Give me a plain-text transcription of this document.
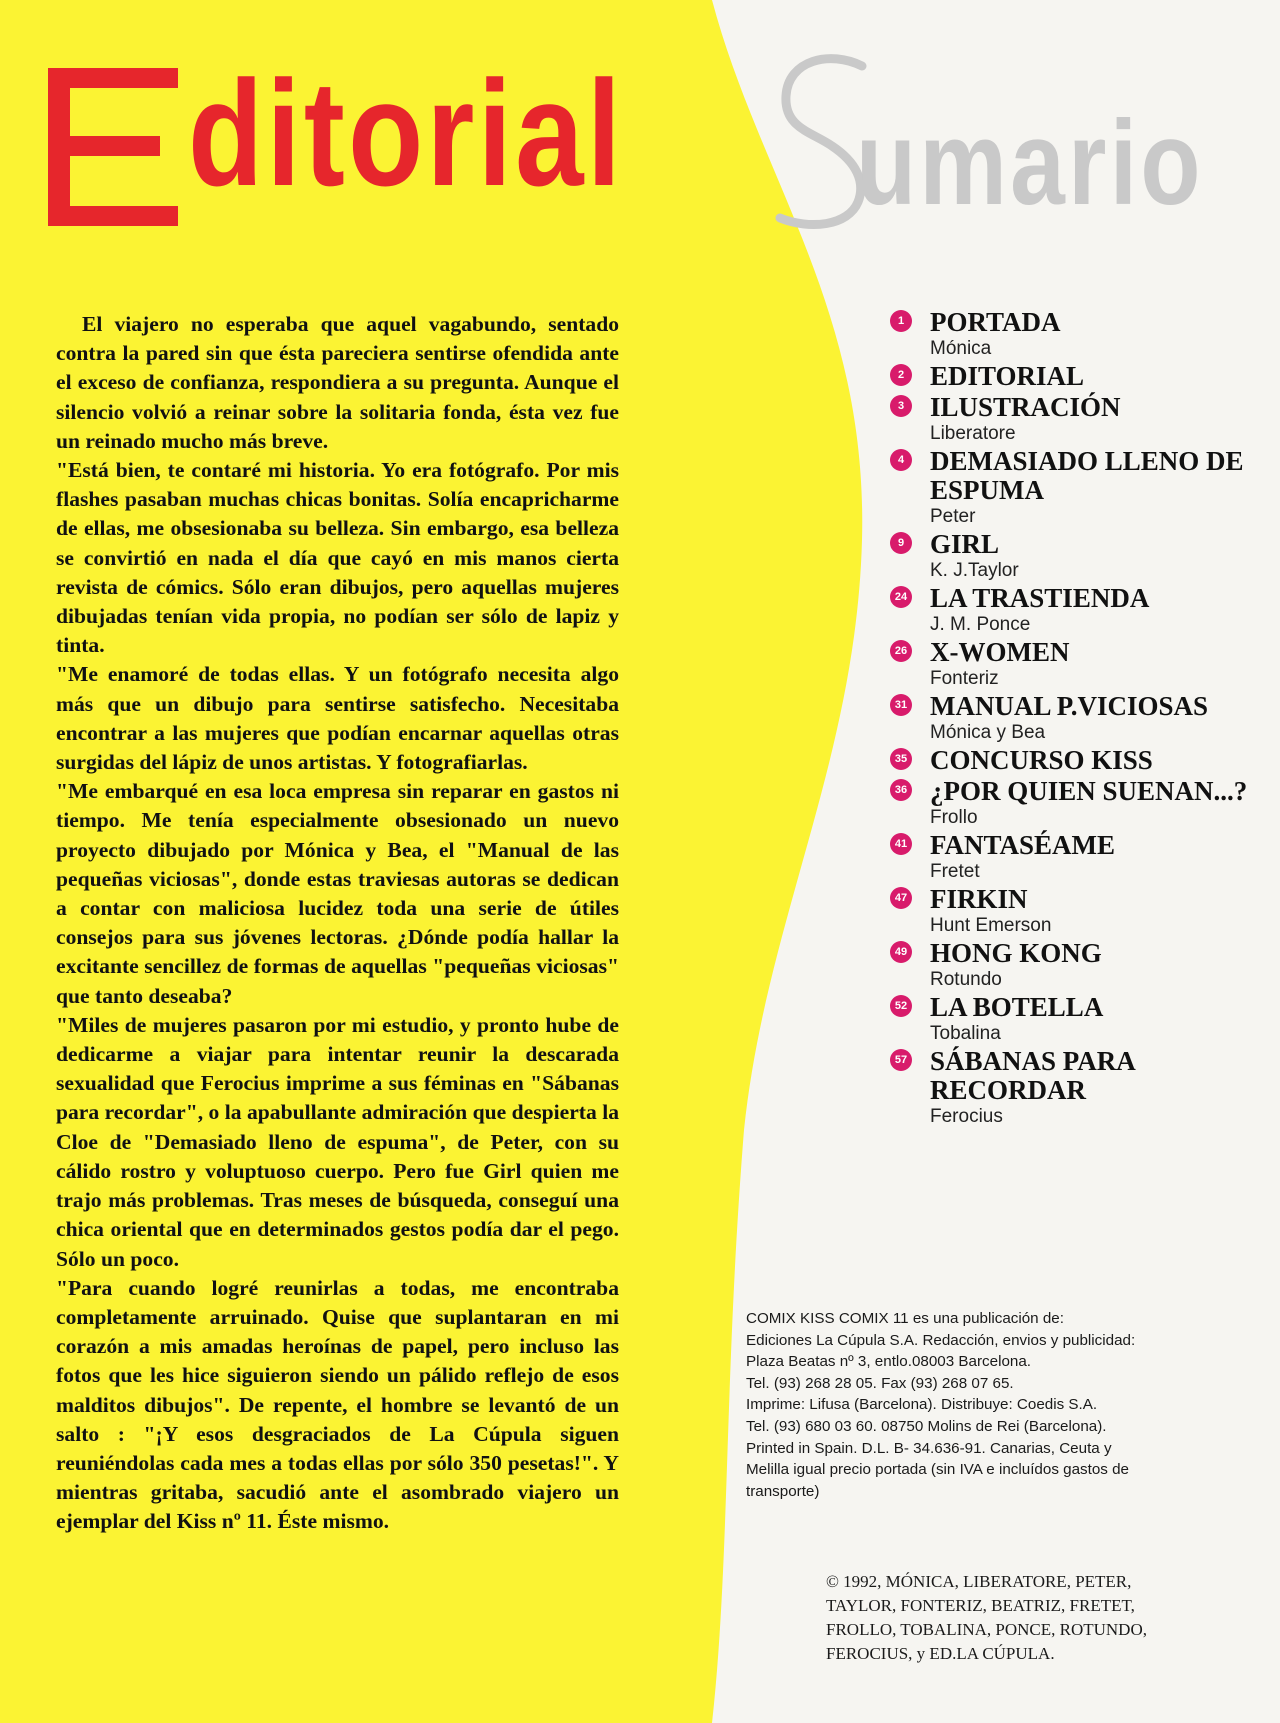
ditorial umario

El viajero no esperaba que aquel vagabundo, sentado contra la pared sin que ésta pareciera sentirse ofendida ante el exceso de confianza, respondiera a su pregunta. Aunque el silencio volvió a reinar sobre la solitaria fonda, ésta vez fue un reinado mucho más breve.

"Está bien, te contaré mi historia. Yo era fotógrafo. Por mis flashes pasaban muchas chicas bonitas. Solía encapricharme de ellas, me obsesionaba su belleza. Sin embargo, esa belleza se convirtió en nada el día que cayó en mis manos cierta revista de cómics. Sólo eran dibujos, pero aquellas mujeres dibujadas tenían vida propia, no podían ser sólo de lapiz y tinta.

"Me enamoré de todas ellas. Y un fotógrafo necesita algo más que un dibujo para sentirse satisfecho. Necesitaba encontrar a las mujeres que podían encarnar aquellas otras surgidas del lápiz de unos artistas. Y fotografiarlas.

"Me embarqué en esa loca empresa sin reparar en gastos ni tiempo. Me tenía especialmente obsesionado un nuevo proyecto dibujado por Mónica y Bea, el "Manual de las pequeñas viciosas", donde estas traviesas autoras se dedican a contar con maliciosa lucidez toda una serie de útiles consejos para sus jóvenes lectoras. ¿Dónde podía hallar la excitante sencillez de formas de aquellas "pequeñas viciosas" que tanto deseaba?

"Miles de mujeres pasaron por mi estudio, y pronto hube de dedicarme a viajar para intentar reunir la descarada sexualidad que Ferocius imprime a sus féminas en "Sábanas para recordar", o la apabullante admiración que despierta la Cloe de "Demasiado lleno de espuma", de Peter, con su cálido rostro y voluptuoso cuerpo. Pero fue Girl quien me trajo más problemas. Tras meses de búsqueda, conseguí una chica oriental que en determinados gestos podía dar el pego. Sólo un poco.

"Para cuando logré reunirlas a todas, me encontraba completamente arruinado. Quise que suplantaran en mi corazón a mis amadas heroínas de papel, pero incluso las fotos que les hice siguieron siendo un pálido reflejo de esos malditos dibujos". De repente, el hombre se levantó de un salto : "¡Y esos desgraciados de La Cúpula siguen reuniéndolas cada mes a todas ellas por sólo 350 pesetas!". Y mientras gritaba, sacudió ante el asombrado viajero un ejemplar del Kiss nº 11. Éste mismo.

1 PORTADA
Mónica
2 EDITORIAL
3 ILUSTRACIÓN
Liberatore
4 DEMASIADO LLENO DE ESPUMA
Peter
9 GIRL
K. J.Taylor
24 LA TRASTIENDA
J. M. Ponce
26 X-WOMEN
Fonteriz
31 MANUAL P.VICIOSAS
Mónica y Bea
35 CONCURSO KISS
36 ¿POR QUIEN SUENAN...?
Frollo
41 FANTASÉAME
Fretet
47 FIRKIN
Hunt Emerson
49 HONG KONG
Rotundo
52 LA BOTELLA
Tobalina
57 SÁBANAS PARA RECORDAR
Ferocius
COMIX KISS COMIX 11 es una publicación de:
Ediciones La Cúpula S.A. Redacción, envios y publicidad:
Plaza Beatas nº 3, entlo.08003 Barcelona.
Tel. (93) 268 28 05. Fax (93) 268 07 65.
Imprime: Lifusa (Barcelona). Distribuye: Coedis S.A.
Tel. (93) 680 03 60. 08750 Molins de Rei (Barcelona).
Printed in Spain. D.L. B- 34.636-91. Canarias, Ceuta y
Melilla igual precio portada (sin IVA e incluídos gastos de
transporte)
© 1992, MÓNICA, LIBERATORE, PETER,
TAYLOR, FONTERIZ, BEATRIZ, FRETET,
FROLLO, TOBALINA, PONCE, ROTUNDO,
FEROCIUS, y ED.LA CÚPULA.
